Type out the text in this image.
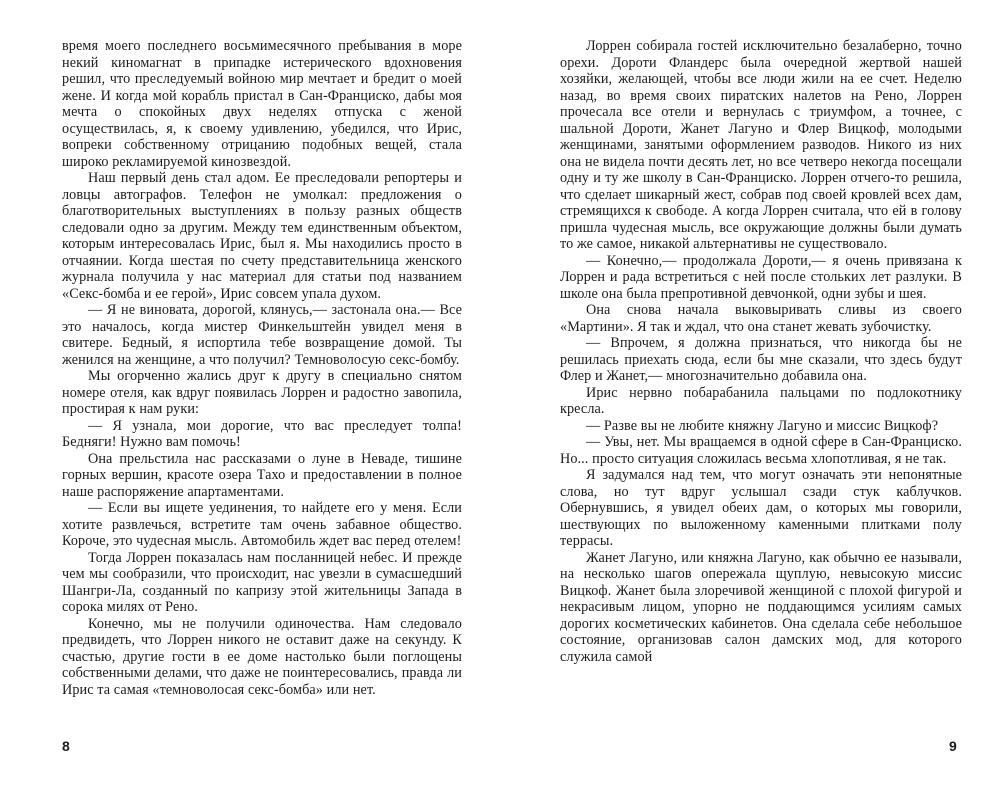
время моего последнего восьмимесячного пребывания в море некий киномагнат в припадке истерического вдохновения решил, что преследуемый войною мир мечтает и бредит о моей жене. И когда мой корабль пристал в Сан-Франциско, дабы моя мечта о спокойных двух неделях отпуска с женой осуществилась, я, к своему удивлению, убедился, что Ирис, вопреки собственному отрицанию подобных вещей, стала широко рекламируемой кинозвездой.

Наш первый день стал адом. Ее преследовали репортеры и ловцы автографов. Телефон не умолкал: предложения о благотворительных выступлениях в пользу разных обществ следовали одно за другим. Между тем единственным объектом, которым интересовалась Ирис, был я. Мы находились просто в отчаянии. Когда шестая по счету представительница женского журнала получила у нас материал для статьи под названием «Секс-бомба и ее герой», Ирис совсем упала духом.

— Я не виновата, дорогой, клянусь,— застонала она.— Все это началось, когда мистер Финкельштейн увидел меня в свитере. Бедный, я испортила тебе возвращение домой. Ты женился на женщине, а что получил? Темноволосую секс-бомбу.

Мы огорченно жались друг к другу в специально снятом номере отеля, как вдруг появилась Лоррен и радостно завопила, простирая к нам руки:

— Я узнала, мои дорогие, что вас преследует толпа! Бедняги! Нужно вам помочь!

Она прельстила нас рассказами о луне в Неваде, тишине горных вершин, красоте озера Тахо и предоставлении в полное наше распоряжение апартаментами.

— Если вы ищете уединения, то найдете его у меня. Если хотите развлечься, встретите там очень забавное общество. Короче, это чудесная мысль. Автомобиль ждет вас перед отелем!

Тогда Лоррен показалась нам посланницей небес. И прежде чем мы сообразили, что происходит, нас увезли в сумасшедший Шангри-Ла, созданный по капризу этой жительницы Запада в сорока милях от Рено.

Конечно, мы не получили одиночества. Нам следовало предвидеть, что Лоррен никого не оставит даже на секунду. К счастью, другие гости в ее доме настолько были поглощены собственными делами, что даже не поинтересовались, правда ли Ирис та самая «темноволосая секс-бомба» или нет.

8

Лоррен собирала гостей исключительно безалаберно, точно орехи. Дороти Фландерс была очередной жертвой нашей хозяйки, желающей, чтобы все люди жили на ее счет. Неделю назад, во время своих пиратских налетов на Рено, Лоррен прочесала все отели и вернулась с триумфом, а точнее, с шальной Дороти, Жанет Лагуно и Флер Вицкоф, молодыми женщинами, занятыми оформлением разводов. Никого из них она не видела почти десять лет, но все четверо некогда посещали одну и ту же школу в Сан-Франциско. Лоррен отчего-то решила, что сделает шикарный жест, собрав под своей кровлей всех дам, стремящихся к свободе. А когда Лоррен считала, что ей в голову пришла чудесная мысль, все окружающие должны были думать то же самое, никакой альтернативы не существовало.

— Конечно,— продолжала Дороти,— я очень привязана к Лоррен и рада встретиться с ней после стольких лет разлуки. В школе она была препротивной девчонкой, одни зубы и шея.

Она снова начала выковыривать сливы из своего «Мартини». Я так и ждал, что она станет жевать зубочистку.

— Впрочем, я должна признаться, что никогда бы не решилась приехать сюда, если бы мне сказали, что здесь будут Флер и Жанет,— многозначительно добавила она.

Ирис нервно побарабанила пальцами по подлокотнику кресла.

— Разве вы не любите княжну Лагуно и миссис Вицкоф?

— Увы, нет. Мы вращаемся в одной сфере в Сан-Франциско. Но... просто ситуация сложилась весьма хлопотливая, я не так.

Я задумался над тем, что могут означать эти непонятные слова, но тут вдруг услышал сзади стук каблучков. Обернувшись, я увидел обеих дам, о которых мы говорили, шествующих по выложенному каменными плитками полу террасы.

Жанет Лагуно, или княжна Лагуно, как обычно ее называли, на несколько шагов опережала щуплую, невысокую миссис Вицкоф. Жанет была злоречивой женщиной с плохой фигурой и некрасивым лицом, упорно не поддающимся усилиям самых дорогих косметических кабинетов. Она сделала себе небольшое состояние, организовав салон дамских мод, для которого служила самой

9
